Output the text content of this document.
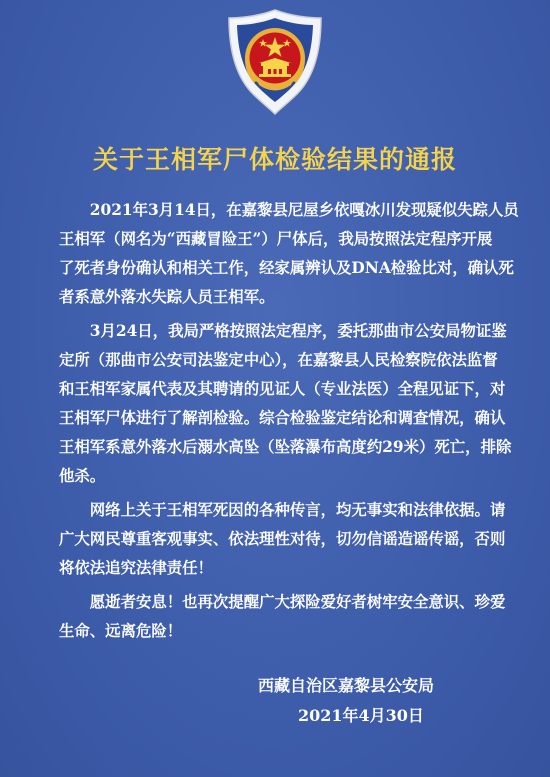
关于王相军尸体检验结果的通报
　　2021年3月14日，在嘉黎县尼屋乡依嘎冰川发现疑似失踪人员
王相军（网名为“西藏冒险王”）尸体后，我局按照法定程序开展
了死者身份确认和相关工作，经家属辨认及DNA检验比对，确认死
者系意外落水失踪人员王相军。
　　3月24日，我局严格按照法定程序，委托那曲市公安局物证鉴
定所（那曲市公安司法鉴定中心），在嘉黎县人民检察院依法监督
和王相军家属代表及其聘请的见证人（专业法医）全程见证下，对
王相军尸体进行了解剖检验。综合检验鉴定结论和调查情况，确认
王相军系意外落水后溺水高坠（坠落瀑布高度约29米）死亡，排除
他杀。
　　网络上关于王相军死因的各种传言，均无事实和法律依据。请
广大网民尊重客观事实、依法理性对待，切勿信谣造谣传谣，否则
将依法追究法律责任！
　　愿逝者安息！也再次提醒广大探险爱好者树牢安全意识、珍爱
生命、远离危险！
西藏自治区嘉黎县公安局
2021年4月30日
